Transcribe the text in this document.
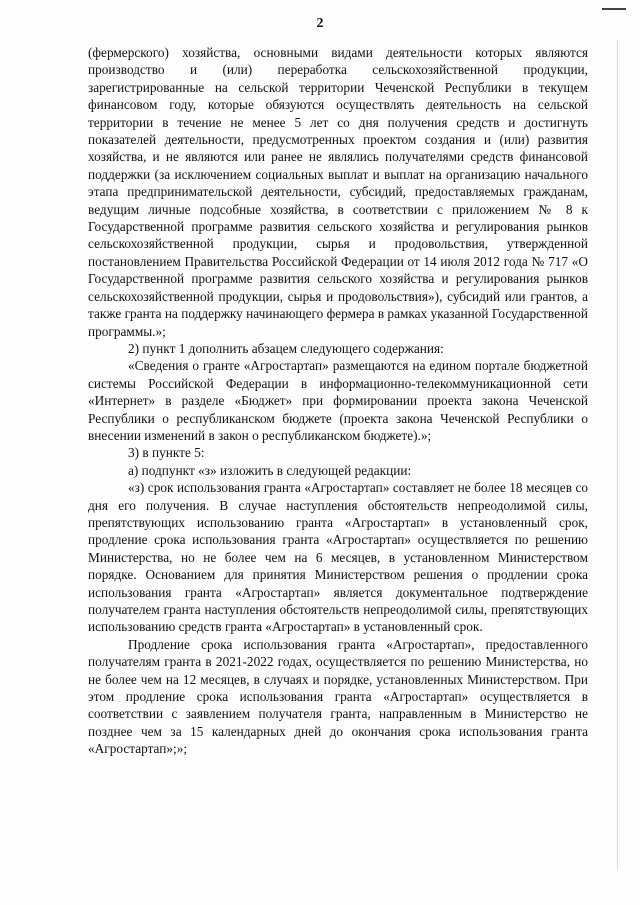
2

(фермерского) хозяйства, основными видами деятельности которых являются производство и (или) переработка сельскохозяйственной продукции, зарегистрированные на сельской территории Чеченской Республики в текущем финансовом году, которые обязуются осуществлять деятельность на сельской территории в течение не менее 5 лет со дня получения средств и достигнуть показателей деятельности, предусмотренных проектом создания и (или) развития хозяйства, и не являются или ранее не являлись получателями средств финансовой поддержки (за исключением социальных выплат и выплат на организацию начального этапа предпринимательской деятельности, субсидий, предоставляемых гражданам, ведущим личные подсобные хозяйства, в соответствии с приложением № 8 к Государственной программе развития сельского хозяйства и регулирования рынков сельскохозяйственной продукции, сырья и продовольствия, утвержденной постановлением Правительства Российской Федерации от 14 июля 2012 года № 717 «О Государственной программе развития сельского хозяйства и регулирования рынков сельскохозяйственной продукции, сырья и продовольствия»), субсидий или грантов, а также гранта на поддержку начинающего фермера в рамках указанной Государственной программы.»;

2) пункт 1 дополнить абзацем следующего содержания:

«Сведения о гранте «Агростартап» размещаются на едином портале бюджетной системы Российской Федерации в информационно-телекоммуникационной сети «Интернет» в разделе «Бюджет» при формировании проекта закона Чеченской Республики о республиканском бюджете (проекта закона Чеченской Республики о внесении изменений в закон о республиканском бюджете).»;

3) в пункте 5:

а) подпункт «з» изложить в следующей редакции:

«з) срок использования гранта «Агростартап» составляет не более 18 месяцев со дня его получения. В случае наступления обстоятельств непреодолимой силы, препятствующих использованию гранта «Агростартап» в установленный срок, продление срока использования гранта «Агростартап» осуществляется по решению Министерства, но не более чем на 6 месяцев, в установленном Министерством порядке. Основанием для принятия Министерством решения о продлении срока использования гранта «Агростартап» является документальное подтверждение получателем гранта наступления обстоятельств непреодолимой силы, препятствующих использованию средств гранта «Агростартап» в установленный срок.

Продление срока использования гранта «Агростартап», предоставленного получателям гранта в 2021-2022 годах, осуществляется по решению Министерства, но не более чем на 12 месяцев, в случаях и порядке, установленных Министерством. При этом продление срока использования гранта «Агростартап» осуществляется в соответствии с заявлением получателя гранта, направленным в Министерство не позднее чем за 15 календарных дней до окончания срока использования гранта «Агростартап»;»;
